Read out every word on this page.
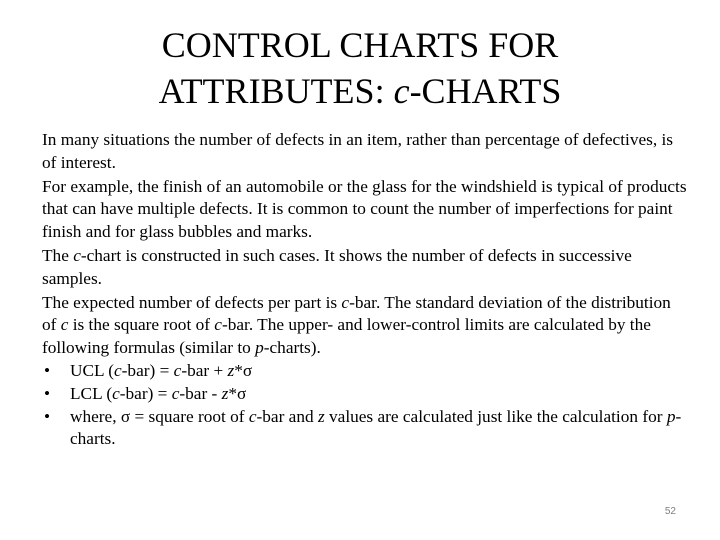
CONTROL CHARTS FOR
ATTRIBUTES: c-CHARTS

In many situations the number of defects in an item, rather than percentage of defectives, is of interest.

For example, the finish of an automobile or the glass for the windshield is typical of products that can have multiple defects. It is common to count the number of imperfections for paint finish and for glass bubbles and marks.

The c-chart is constructed in such cases. It shows the number of defects in successive samples.

The expected number of defects per part is c-bar. The standard deviation of the distribution of c is the square root of c-bar. The upper- and lower-control limits are calculated by the following formulas (similar to p-charts).

• UCL (c-bar) = c-bar + z*σ
• LCL (c-bar) = c-bar - z*σ
• where, σ = square root of c-bar and z values are calculated just like the calculation for p-charts.
52
